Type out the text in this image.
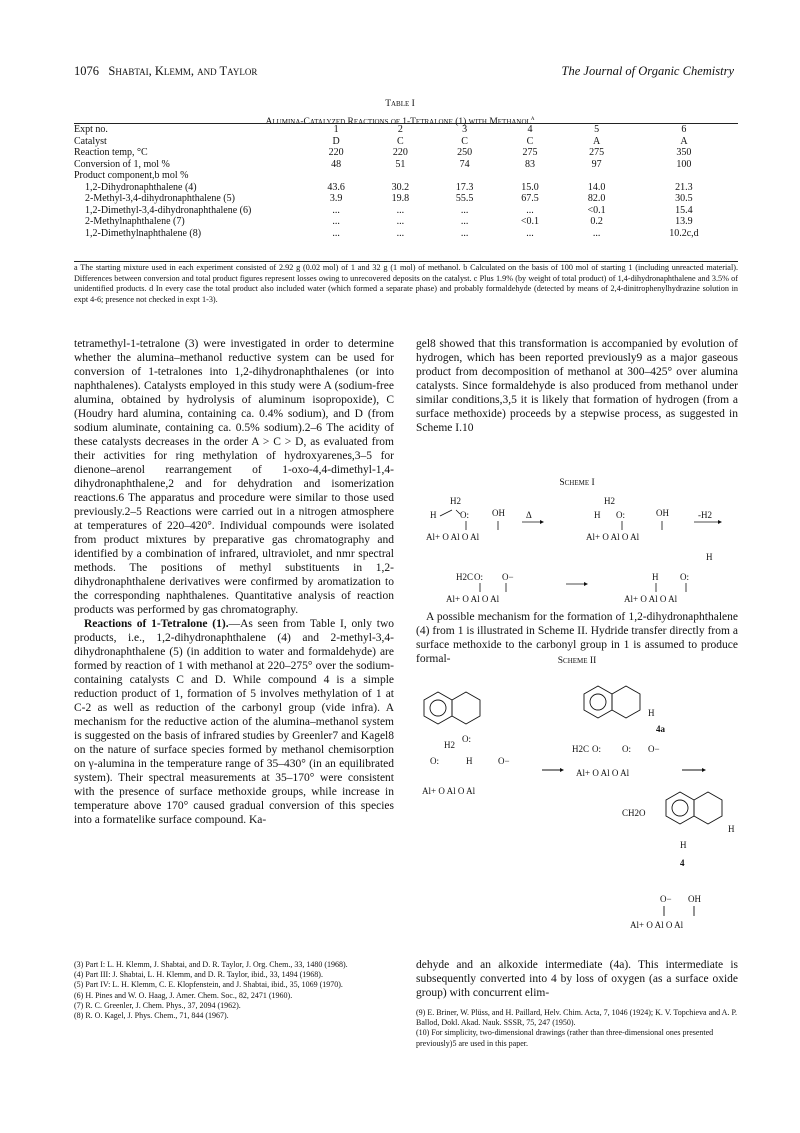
1076 Shabtai, Klemm, and Taylor	The Journal of Organic Chemistry
Table I
Alumina-Catalyzed Reactions of 1-Tetralone (1) with Methanol$^a$
Expt no.	1	2	3	4	5	6
Catalyst	D	C	C	C	A	A
Reaction temp, °C	220	220	250	275	275	350
Conversion of 1, mol %	48	51	74	83	97	100
Product component,b mol %						
1,2-Dihydronaphthalene (4)	43.6	30.2	17.3	15.0	14.0	21.3
2-Methyl-3,4-dihydronaphthalene (5)	3.9	19.8	55.5	67.5	82.0	30.5
1,2-Dimethyl-3,4-dihydronaphthalene (6)	...	...	...	...	<0.1	15.4
2-Methylnaphthalene (7)	...	...	...	<0.1	0.2	13.9
1,2-Dimethylnaphthalene (8)	...	...	...	...	...	10.2c,d
a The starting mixture used in each experiment consisted of 2.92 g (0.02 mol) of 1 and 32 g (1 mol) of methanol. b Calculated on the basis of 100 mol of starting 1 (including unreacted material). Differences between conversion and total product figures represent losses owing to unrecovered deposits on the catalyst. c Plus 1.9% (by weight of total product) of 1,4-dihydronaphthalene and 3.5% of unidentified products. d In every case the total product also included water (which formed a separate phase) and probably formaldehyde (detected by means of 2,4-dinitrophenylhydrazine solution in expt 4-6; presence not checked in expt 1-3).

tetramethyl-1-tetralone (3) were investigated in order to determine whether the alumina–methanol reductive system can be used for conversion of 1-tetralones into 1,2-dihydronaphthalenes (or into naphthalenes). Catalysts employed in this study were A (sodium-free alumina, obtained by hydrolysis of aluminum isopropoxide), C (Houdry hard alumina, containing ca. 0.4% sodium), and D (from sodium aluminate, containing ca. 0.5% sodium).2–6 The acidity of these catalysts decreases in the order A > C > D, as evaluated from their activities for ring methylation of hydroxyarenes,3–5 for dienone–arenol rearrangement of 1-oxo-4,4-dimethyl-1,4-dihydronaphthalene,2 and for dehydration and isomerization reactions.6 The apparatus and procedure were similar to those used previously.2–5 Reactions were carried out in a nitrogen atmosphere at temperatures of 220–420°. Individual compounds were isolated from product mixtures by preparative gas chromatography and identified by a combination of infrared, ultraviolet, and nmr spectral methods. The positions of methyl substituents in 1,2-dihydronaphthalene derivatives were confirmed by aromatization to the corresponding naphthalenes. Quantitative analysis of reaction products was performed by gas chromatography.

Reactions of 1-Tetralone (1).—As seen from Table I, only two products, i.e., 1,2-dihydronaphthalene (4) and 2-methyl-3,4-dihydronaphthalene (5) (in addition to water and formaldehyde) are formed by reaction of 1 with methanol at 220–275° over the sodium-containing catalysts C and D. While compound 4 is a simple reduction product of 1, formation of 5 involves methylation of 1 at C-2 as well as reduction of the carbonyl group (vide infra). A mechanism for the reductive action of the alumina–methanol system is suggested on the basis of infrared studies by Greenler7 and Kagel8 on the nature of surface species formed by methanol chemisorption on γ-alumina in the temperature range of 35–430° (in an equilibrated system). Their spectral measurements at 35–170° were consistent with the presence of surface methoxide groups, while increase in temperature above 170° caused gradual conversion of this species into a formatelike surface compound. Ka-

gel8 showed that this transformation is accompanied by evolution of hydrogen, which has been reported previously9 as a major gaseous product from decomposition of methanol at 300–425° over alumina catalysts. Since formaldehyde is also produced from methanol under similar conditions,3,5 it is likely that formation of hydrogen (from a surface methoxide) proceeds by a stepwise process, as suggested in Scheme I.10

Scheme I
H2
H	O:	OH
Al+ O Al O Al
Δ
H2
H O:	OH
Al+ O Al O Al
-H2
H
H2C O: O−
Al+ O Al O Al
H O:
Al+ O Al O Al

A possible mechanism for the formation of 1,2-dihydronaphthalene (4) from 1 is illustrated in Scheme II. Hydride transfer directly from a surface methoxide to the carbonyl group in 1 is assumed to produce formal-	Scheme II
O:
H2
O:	H	O−
Al+ O Al O Al
H
4a
H2C O: O: O−
Al+ O Al O Al
CH2O
H
H
4
O− OH
Al+ O Al O Al

dehyde and an alkoxide intermediate (4a). This intermediate is subsequently converted into 4 by loss of oxygen (as a surface oxide group) with concurrent elim-

(3) Part I: L. H. Klemm, J. Shabtai, and D. R. Taylor, J. Org. Chem., 33, 1480 (1968).
(4) Part III: J. Shabtai, L. H. Klemm, and D. R. Taylor, ibid., 33, 1494 (1968).
(5) Part IV: L. H. Klemm, C. E. Klopfenstein, and J. Shabtai, ibid., 35, 1069 (1970).
(6) H. Pines and W. O. Haag, J. Amer. Chem. Soc., 82, 2471 (1960).
(7) R. C. Greenler, J. Chem. Phys., 37, 2094 (1962).
(8) R. O. Kagel, J. Phys. Chem., 71, 844 (1967).	(9) E. Briner, W. Plüss, and H. Paillard, Helv. Chim. Acta, 7, 1046 (1924); K. V. Topchieva and A. P. Ballod, Dokl. Akad. Nauk. SSSR, 75, 247 (1950).
(10) For simplicity, two-dimensional drawings (rather than three-dimensional ones presented previously)5 are used in this paper.
